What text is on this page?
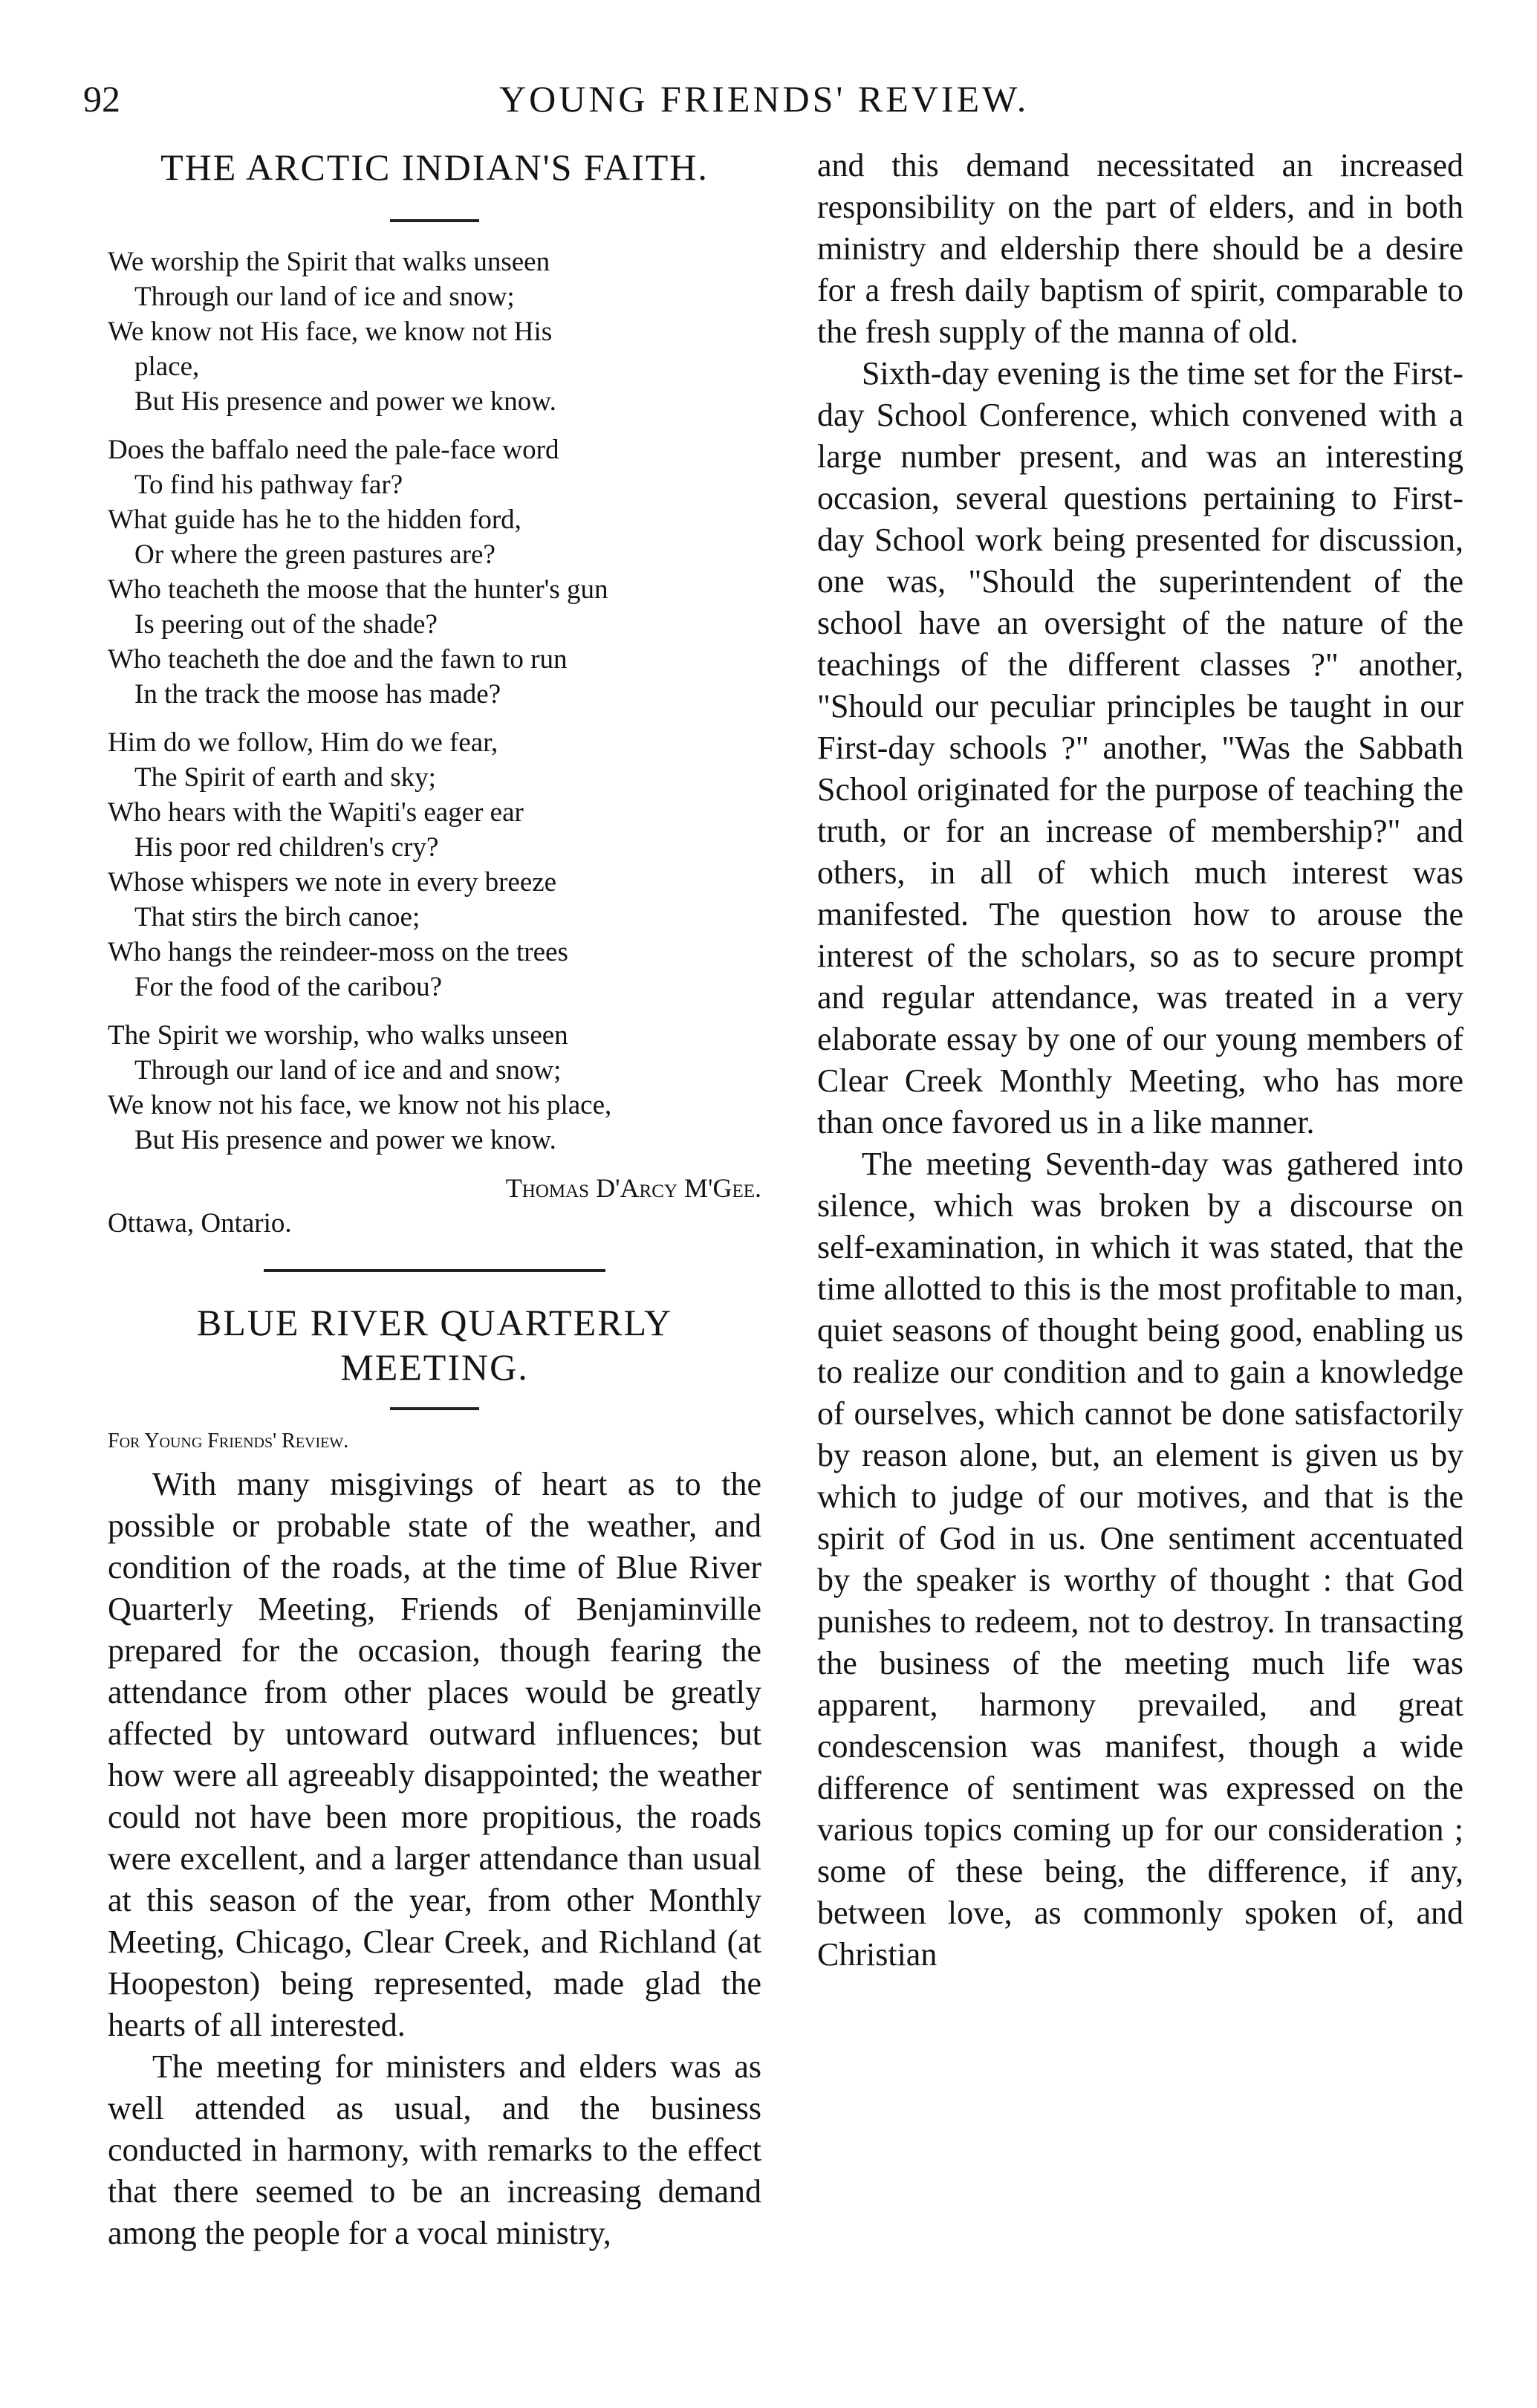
92	YOUNG FRIENDS' REVIEW.
THE ARCTIC INDIAN'S FAITH.

We worship the Spirit that walks unseen

Through our land of ice and snow;

We know not His face, we know not His

place,

But His presence and power we know.

Does the baffalo need the pale-face word

To find his pathway far?

What guide has he to the hidden ford,

Or where the green pastures are?

Who teacheth the moose that the hunter's gun

Is peering out of the shade?

Who teacheth the doe and the fawn to run

In the track the moose has made?

Him do we follow, Him do we fear,

The Spirit of earth and sky;

Who hears with the Wapiti's eager ear

His poor red children's cry?

Whose whispers we note in every breeze

That stirs the birch canoe;

Who hangs the reindeer-moss on the trees

For the food of the caribou?

The Spirit we worship, who walks unseen

Through our land of ice and and snow;

We know not his face, we know not his place,

But His presence and power we know.

Thomas D'Arcy M'Gee.
Ottawa, Ontario.
BLUE RIVER QUARTERLY
MEETING.
For Young Friends' Review.

With many misgivings of heart as to the possible or probable state of the weather, and condition of the roads, at the time of Blue River Quarterly Meeting, Friends of Benjaminville prepared for the occasion, though fearing the attendance from other places would be greatly affected by untoward outward influences; but how were all agreeably disappointed; the weather could not have been more propitious, the roads were excellent, and a larger attendance than usual at this season of the year, from other Monthly Meeting, Chicago, Clear Creek, and Richland (at Hoopeston) being represented, made glad the hearts of all interested.

The meeting for ministers and elders was as well attended as usual, and the business conducted in harmony, with remarks to the effect that there seemed to be an increasing demand among the people for a vocal ministry,

and this demand necessitated an increased responsibility on the part of elders, and in both ministry and eldership there should be a desire for a fresh daily baptism of spirit, comparable to the fresh supply of the manna of old.

Sixth-day evening is the time set for the First-day School Conference, which convened with a large number present, and was an interesting occasion, several questions pertaining to First-day School work being presented for discussion, one was, "Should the superintendent of the school have an oversight of the nature of the teachings of the different classes ?" another, "Should our peculiar principles be taught in our First-day schools ?" another, "Was the Sabbath School originated for the purpose of teaching the truth, or for an increase of membership?" and others, in all of which much interest was manifested. The question how to arouse the interest of the scholars, so as to secure prompt and regular attendance, was treated in a very elaborate essay by one of our young members of Clear Creek Monthly Meeting, who has more than once favored us in a like manner.

The meeting Seventh-day was gathered into silence, which was broken by a discourse on self-examination, in which it was stated, that the time allotted to this is the most profitable to man, quiet seasons of thought being good, enabling us to realize our condition and to gain a knowledge of ourselves, which cannot be done satisfactorily by reason alone, but, an element is given us by which to judge of our motives, and that is the spirit of God in us. One sentiment accentuated by the speaker is worthy of thought : that God punishes to redeem, not to destroy. In transacting the business of the meeting much life was apparent, harmony prevailed, and great condescension was manifest, though a wide difference of sentiment was expressed on the various topics coming up for our consideration ; some of these being, the difference, if any, between love, as commonly spoken of, and Christian
